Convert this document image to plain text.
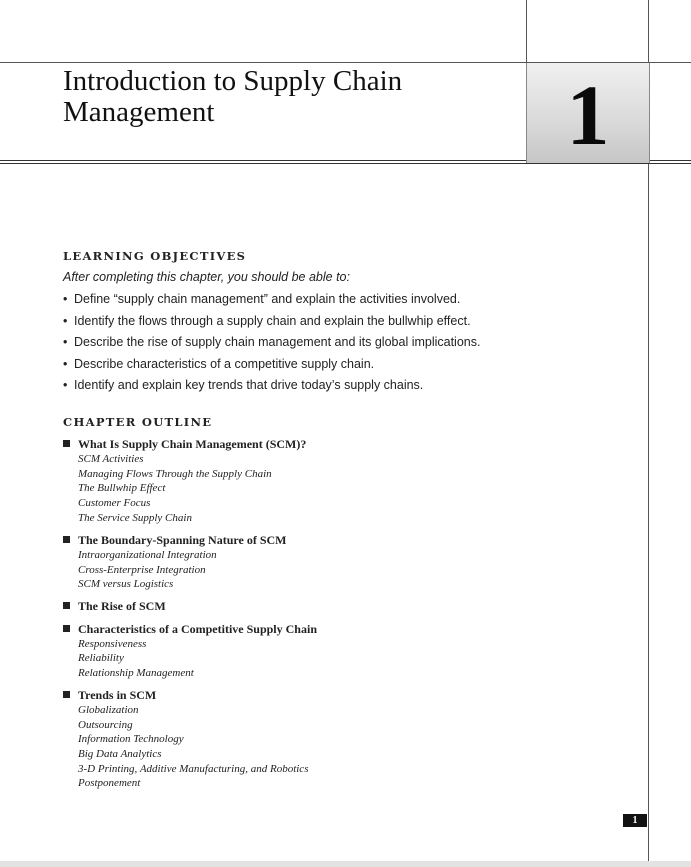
Introduction to Supply Chain Management	1
LEARNING OBJECTIVES
After completing this chapter, you should be able to:
• Define “supply chain management” and explain the activities involved.
• Identify the flows through a supply chain and explain the bullwhip effect.
• Describe the rise of supply chain management and its global implications.
• Describe characteristics of a competitive supply chain.
• Identify and explain key trends that drive today’s supply chains.
CHAPTER OUTLINE
What Is Supply Chain Management (SCM)?
SCM Activities
Managing Flows Through the Supply Chain
The Bullwhip Effect
Customer Focus
The Service Supply Chain
The Boundary-Spanning Nature of SCM
Intraorganizational Integration
Cross-Enterprise Integration
SCM versus Logistics
The Rise of SCM
Characteristics of a Competitive Supply Chain
Responsiveness
Reliability
Relationship Management
Trends in SCM
Globalization
Outsourcing
Information Technology
Big Data Analytics
3-D Printing, Additive Manufacturing, and Robotics
Postponement
1
